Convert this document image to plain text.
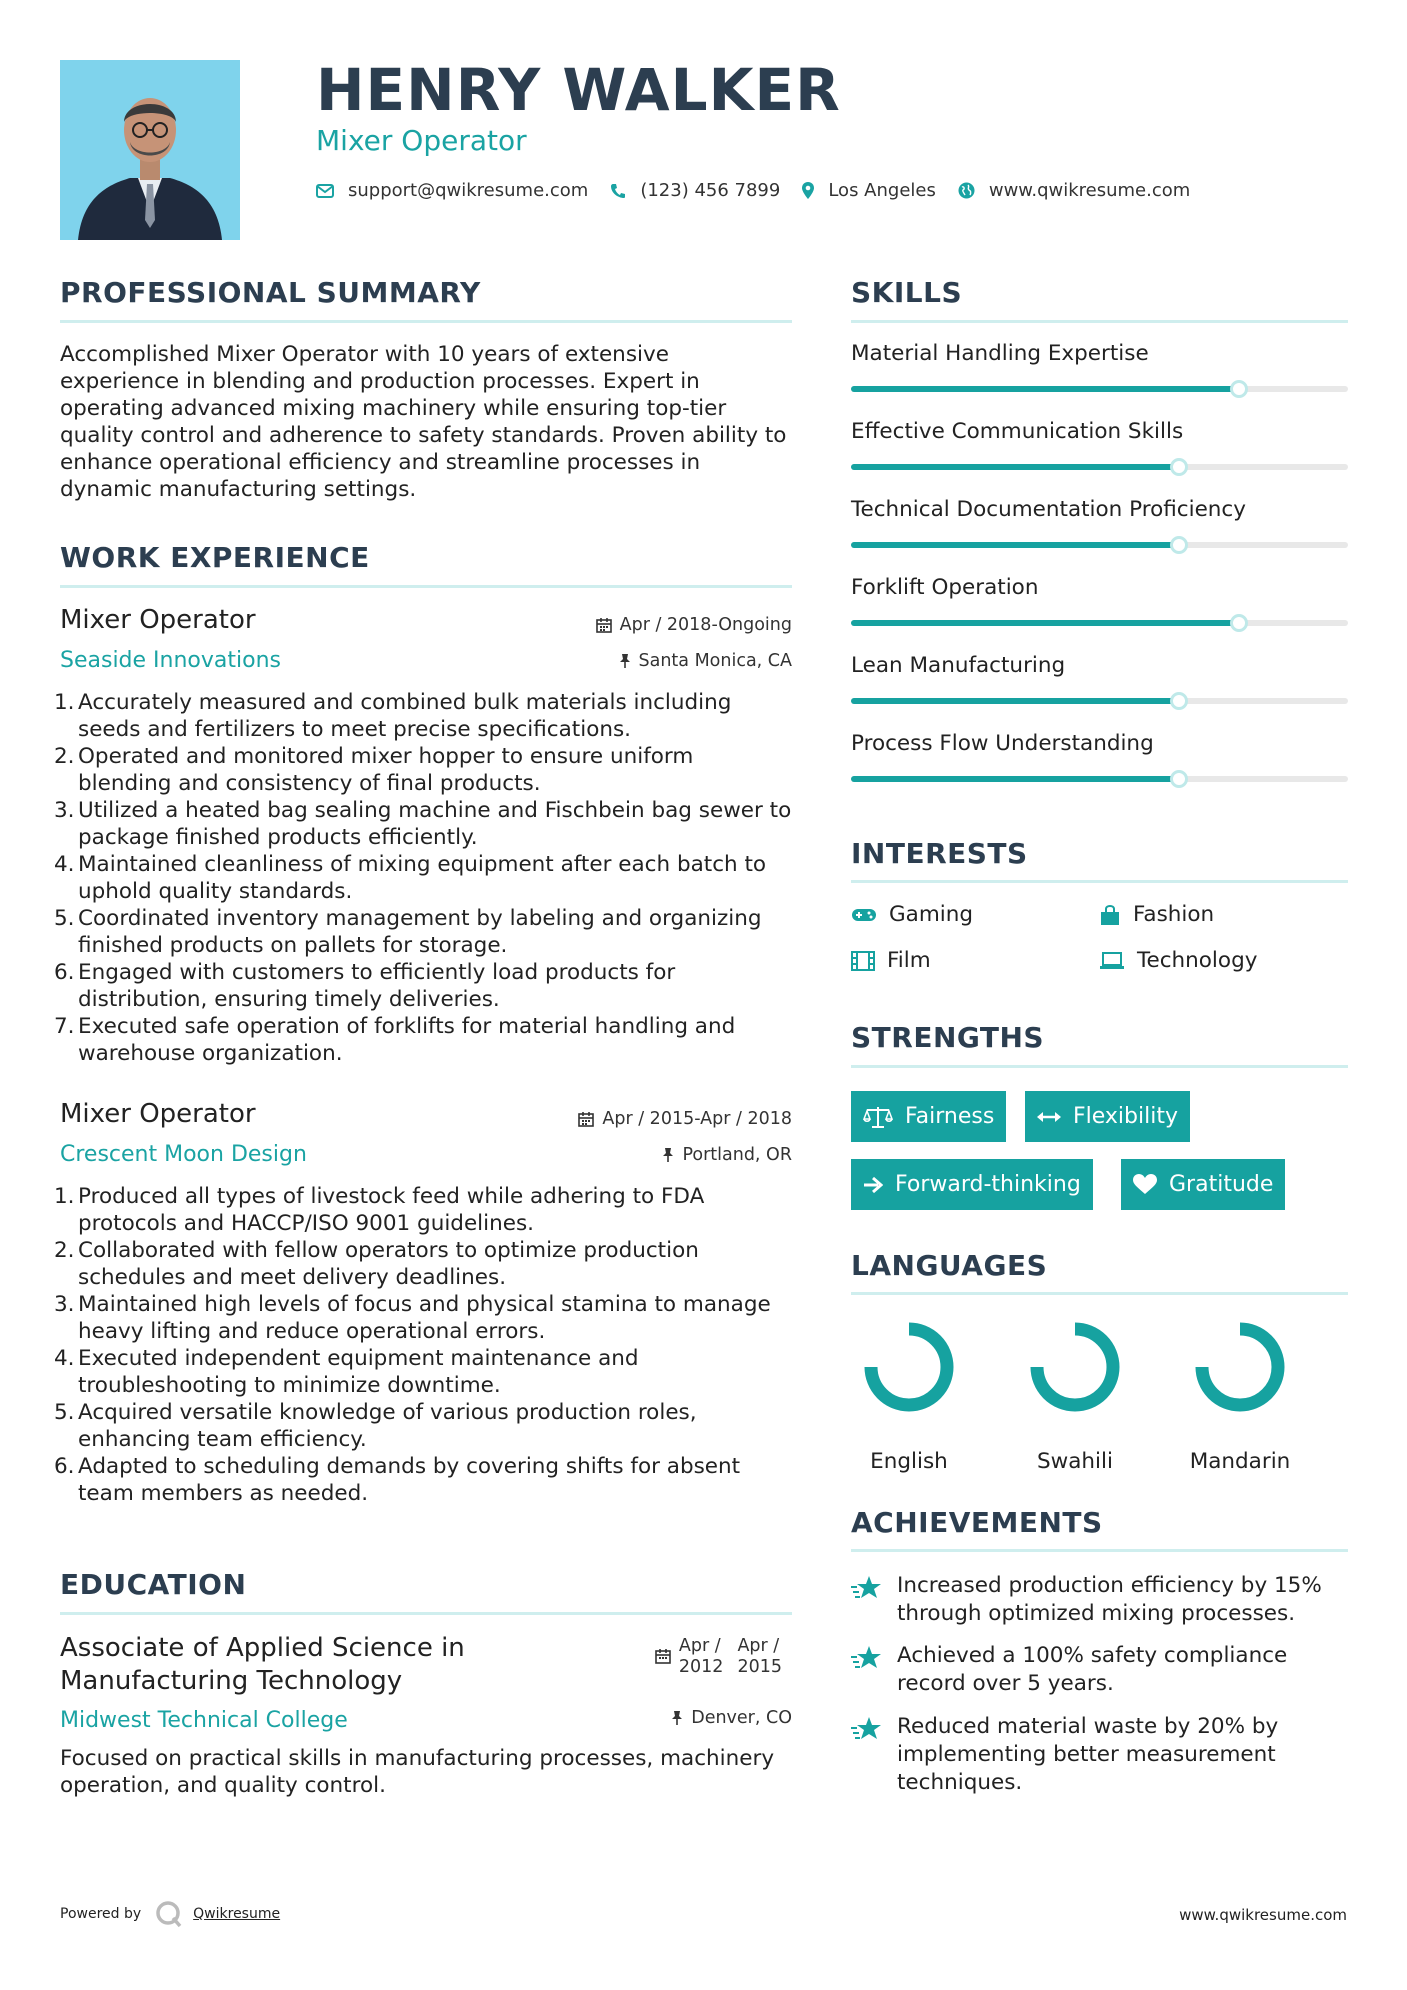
HENRY WALKER
Mixer Operator
support@qwikresume.com	(123) 456 7899	Los Angeles	www.qwikresume.com
PROFESSIONAL SUMMARY
Accomplished Mixer Operator with 10 years of extensive experience in blending and production processes. Expert in operating advanced mixing machinery while ensuring top-tier quality control and adherence to safety standards. Proven ability to enhance operational efficiency and streamline processes in dynamic manufacturing settings.
WORK EXPERIENCE
Mixer Operator	Apr / 2018-Ongoing
Seaside Innovations	Santa Monica, CA
1. Accurately measured and combined bulk materials including seeds and fertilizers to meet precise specifications.
2. Operated and monitored mixer hopper to ensure uniform blending and consistency of final products.
3. Utilized a heated bag sealing machine and Fischbein bag sewer to package finished products efficiently.
4. Maintained cleanliness of mixing equipment after each batch to uphold quality standards.
5. Coordinated inventory management by labeling and organizing finished products on pallets for storage.
6. Engaged with customers to efficiently load products for distribution, ensuring timely deliveries.
7. Executed safe operation of forklifts for material handling and warehouse organization.
Mixer Operator	Apr / 2015-Apr / 2018
Crescent Moon Design	Portland, OR
1. Produced all types of livestock feed while adhering to FDA protocols and HACCP/ISO 9001 guidelines.
2. Collaborated with fellow operators to optimize production schedules and meet delivery deadlines.
3. Maintained high levels of focus and physical stamina to manage heavy lifting and reduce operational errors.
4. Executed independent equipment maintenance and troubleshooting to minimize downtime.
5. Acquired versatile knowledge of various production roles, enhancing team efficiency.
6. Adapted to scheduling demands by covering shifts for absent team members as needed.
EDUCATION
Associate of Applied Science in
Manufacturing Technology
Apr /
2012
Apr /
2015
Midwest Technical College	Denver, CO
Focused on practical skills in manufacturing processes, machinery operation, and quality control.
SKILLS
Material Handling Expertise
Effective Communication Skills
Technical Documentation Proficiency
Forklift Operation
Lean Manufacturing
Process Flow Understanding
INTERESTS
Gaming	Fashion
Film	Technology
STRENGTHS
Fairness	Flexibility
Forward-thinking	Gratitude
LANGUAGES
English	Swahili	Mandarin
ACHIEVEMENTS
Increased production efficiency by 15% through optimized mixing processes.
Achieved a 100% safety compliance record over 5 years.
Reduced material waste by 20% by implementing better measurement techniques.
Powered by	Qwikresume	www.qwikresume.com
